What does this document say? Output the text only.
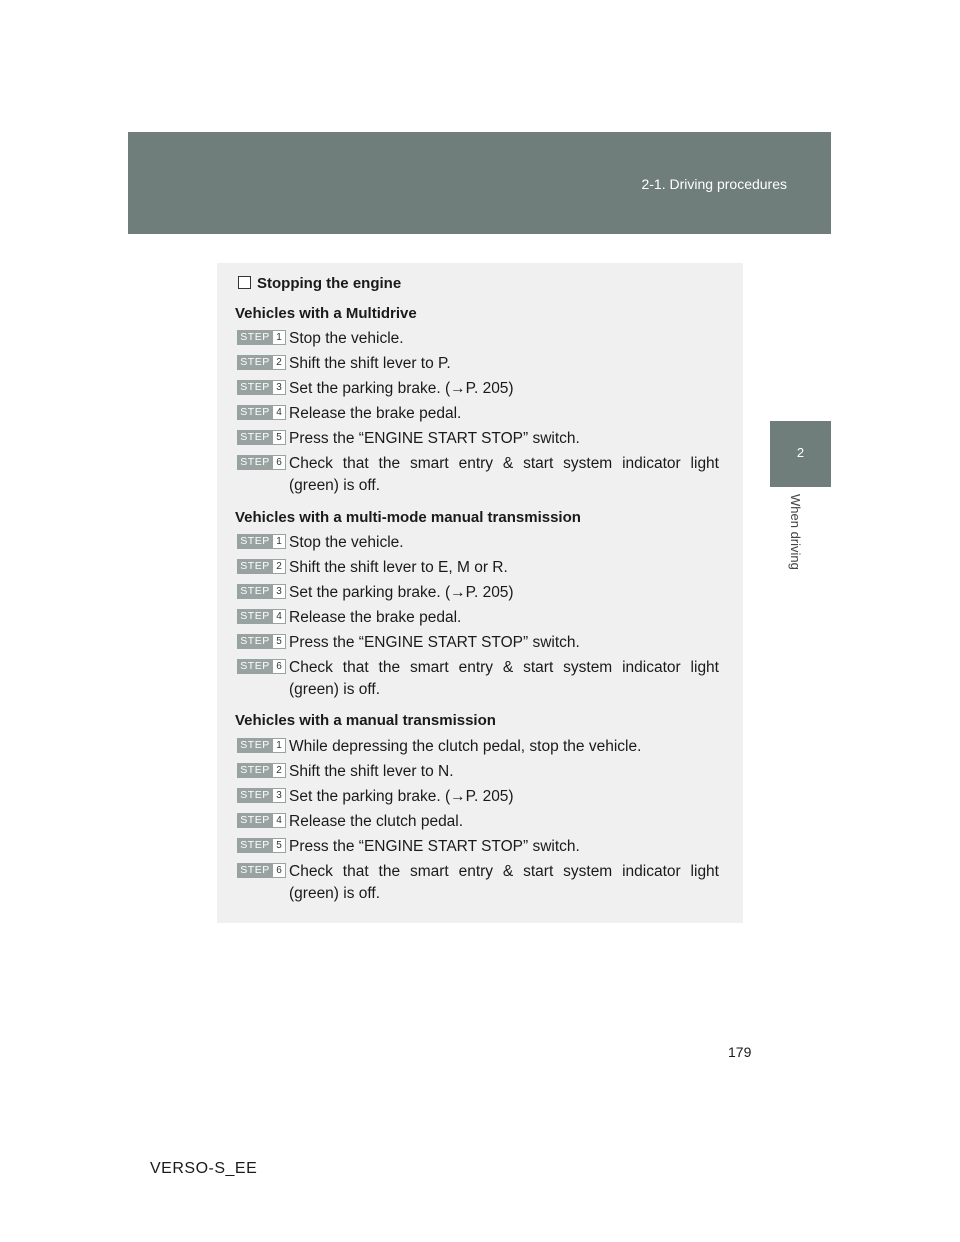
2-1. Driving procedures
2
When driving
Stopping the engine
Vehicles with a Multidrive
STEP 1 Stop the vehicle.
STEP 2 Shift the shift lever to P.
STEP 3 Set the parking brake. (→P. 205)
STEP 4 Release the brake pedal.
STEP 5 Press the “ENGINE START STOP” switch.
STEP 6 Check that the smart entry & start system indicator light (green) is off.
Vehicles with a multi-mode manual transmission
STEP 1 Stop the vehicle.
STEP 2 Shift the shift lever to E, M or R.
STEP 3 Set the parking brake. (→P. 205)
STEP 4 Release the brake pedal.
STEP 5 Press the “ENGINE START STOP” switch.
STEP 6 Check that the smart entry & start system indicator light (green) is off.
Vehicles with a manual transmission
STEP 1 While depressing the clutch pedal, stop the vehicle.
STEP 2 Shift the shift lever to N.
STEP 3 Set the parking brake. (→P. 205)
STEP 4 Release the clutch pedal.
STEP 5 Press the “ENGINE START STOP” switch.
STEP 6 Check that the smart entry & start system indicator light (green) is off.
179
VERSO-S_EE
